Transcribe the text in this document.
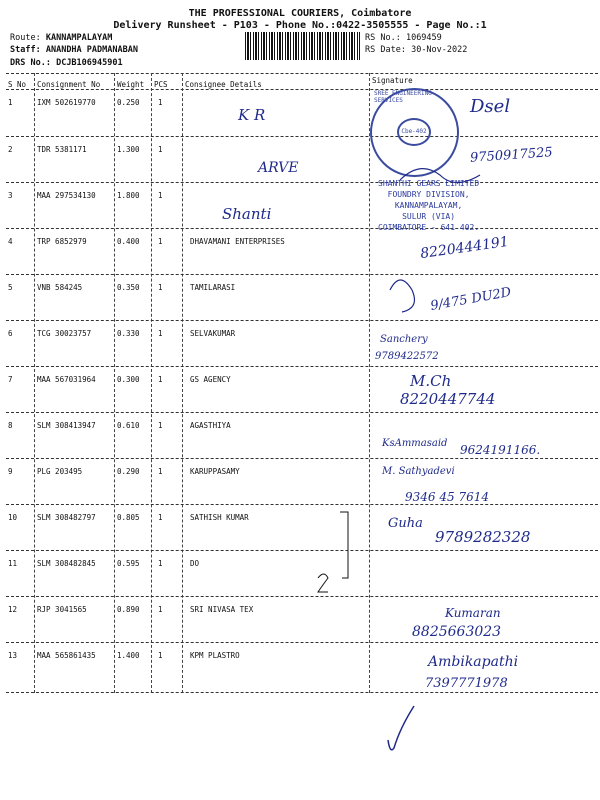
THE PROFESSIONAL COURIERS, Coimbatore
Delivery Runsheet - P103 - Phone No.:0422-3505555 - Page No.:1
Route: KANNAMPALAYAM
Staff: ANANDHA PADMANABAN
DRS No.: DCJB106945901
RS No.: 1069459
RS Date: 30-Nov-2022
S No Consignment No Weight PCS Consignee Details	Signature
1	IXM 502619770	0.250 1
2	TDR 5381171	1.300 1
3	MAA 297534130	1.800 1
4	TRP 6852979	0.400 1	DHAVAMANI ENTERPRISES
5	VNB 584245	0.350 1	TAMILARASI
6	TCG 30023757	0.330 1	SELVAKUMAR
7	MAA 567031964	0.300 1	GS AGENCY
8	SLM 308413947	0.610 1	AGASTHIYA
9	PLG 203495	0.290 1	KARUPPASAMY
10	SLM 308482797	0.805 1	SATHISH KUMAR
11	SLM 308482845	0.595 1	DO
12	RJP 3041565	0.890 1	SRI NIVASA TEX
13	MAA 565861435	1.400 1	KPM PLASTRO
K R
ARVE
Shanti
SREE ENGINEERING SERVICES
Cbe-402
SHANTHI GEARS LIMITED
FOUNDRY DIVISION,
KANNAMPALAYAM,
SULUR (VIA)
COIMBATORE - 641 402.
Dsel
9750917525
8220444191
9/475 DU2D
Sanchery
9789422572
M.Ch
8220447744
KsAmmasaid 9624191166.
M. Sathyadevi
9346 45 7614
Guha
9789282328
Kumaran
8825663023
Ambikapathi
7397771978
